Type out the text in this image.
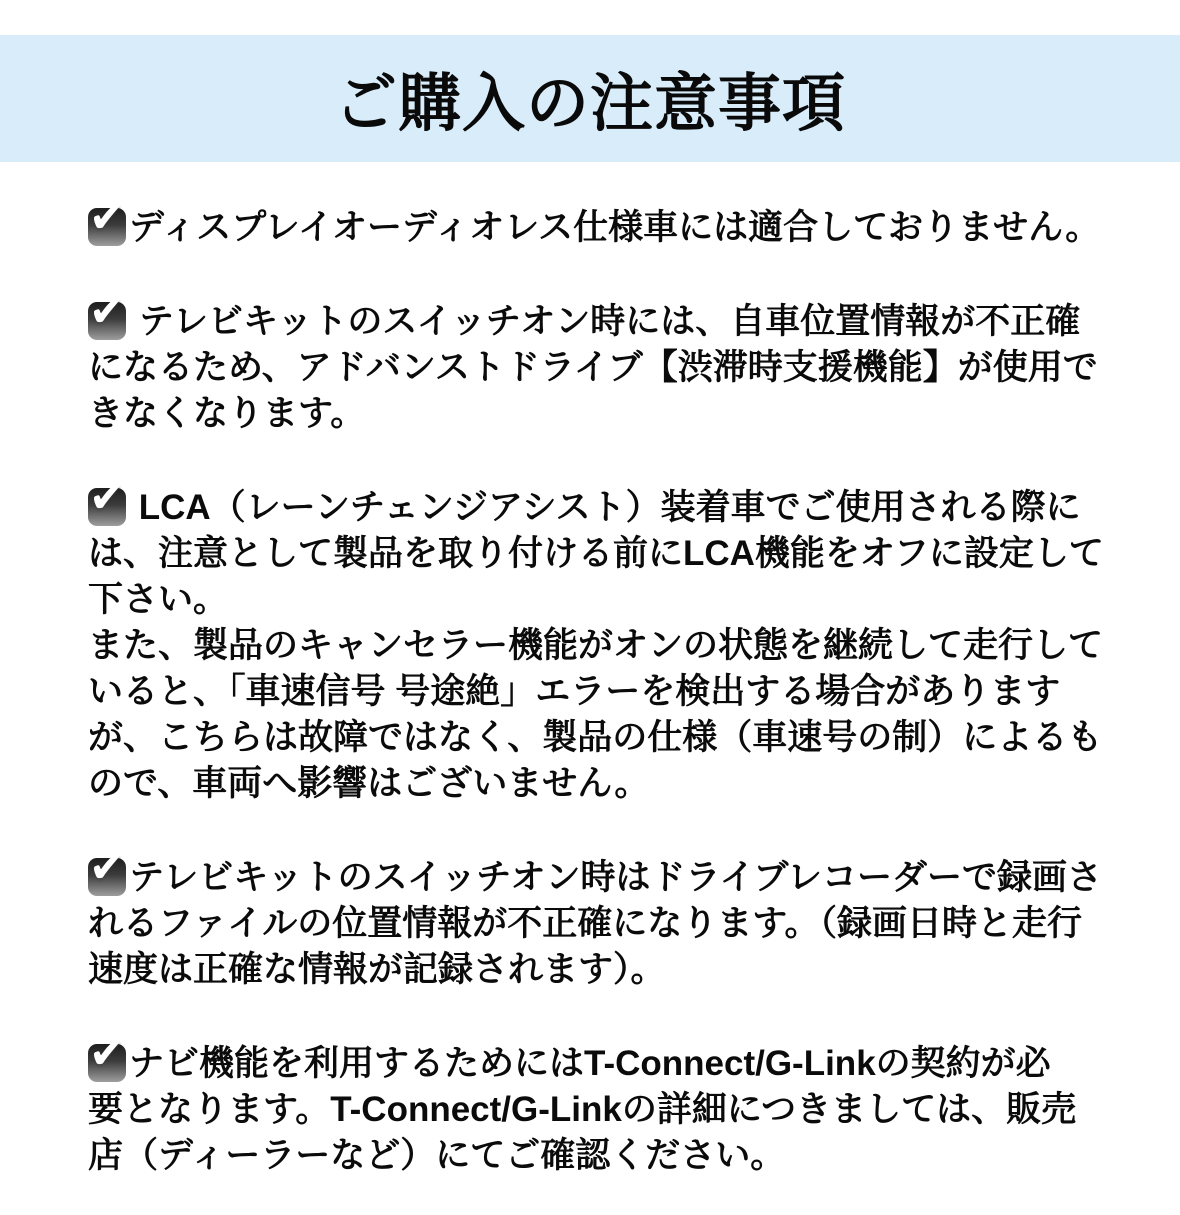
ご購入の注意事項
✔ ディスプレイオーディオレス仕様車には適合しておりません。
✔ テレビキットのスイッチオン時には、自車位置情報が不正確
になるため、アドバンストドライブ【渋滞時支援機能】が使用で
きなくなります。
✔ LCA（レーンチェンジアシスト）装着車でご使用される際に
は、注意として製品を取り付ける前にLCA機能をオフに設定して
下さい。
また、製品のキャンセラー機能がオンの状態を継続して走行して
いると、「車速信号 号途絶」エラーを検出する場合があります
が、こちらは故障ではなく、製品の仕様（車速号の制）によるも
ので、車両へ影響はございません。
✔ テレビキットのスイッチオン時はドライブレコーダーで録画さ
れるファイルの位置情報が不正確になります。（録画日時と走行
速度は正確な情報が記録されます）。
✔ ナビ機能を利用するためにはT-Connect/G-Linkの契約が必
要となります。T-Connect/G-Linkの詳細につきましては、販売
店（ディーラーなど）にてご確認ください。
